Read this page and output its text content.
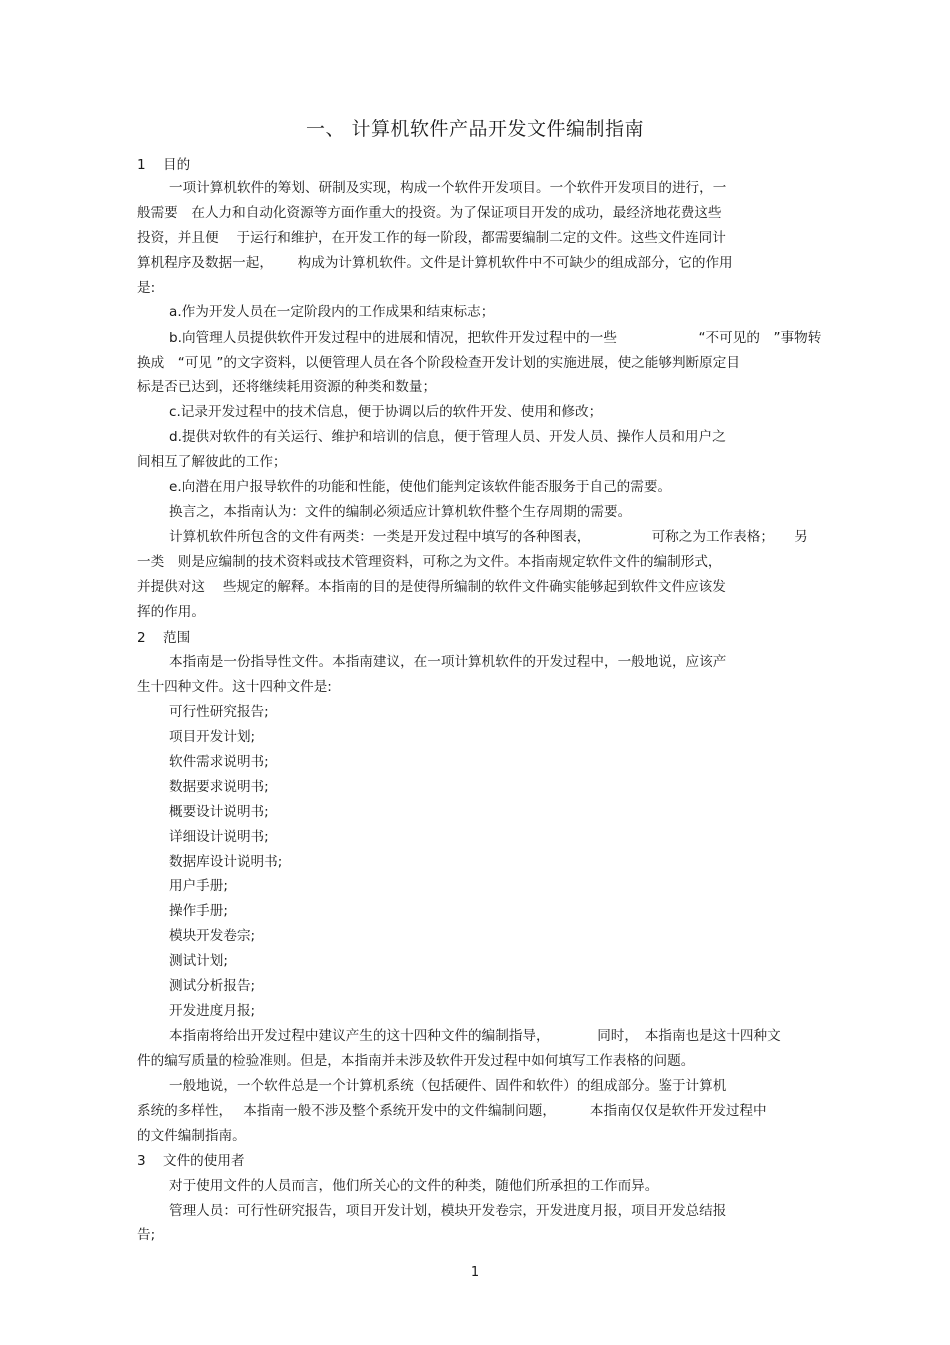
一、 计算机软件产品开发文件编制指南
1 目的
一项计算机软件的筹划、研制及实现，构成一个软件开发项目。一个软件开发项目的进行，一
般需要　在人力和自动化资源等方面作重大的投资。为了保证项目开发的成功，最经济地花费这些
投资，并且便　 于运行和维护，在开发工作的每一阶段，都需要编制二定的文件。这些文件连同计
算机程序及数据一起，　　 构成为计算机软件。文件是计算机软件中不可缺少的组成部分，它的作用
是:
a.作为开发人员在一定阶段内的工作成果和结束标志；
b.向管理人员提供软件开发过程中的进展和情况，把软件开发过程中的一些　　　　　　“不可见的　”事物转
换成　“可见 ”的文字资料，以便管理人员在各个阶段检查开发计划的实施进展，使之能够判断原定目
标是否已达到，还将继续耗用资源的种类和数量；
c.记录开发过程中的技术信息，便于协调以后的软件开发、使用和修改；
d.提供对软件的有关运行、维护和培训的信息，便于管理人员、开发人员、操作人员和用户之
间相互了解彼此的工作；
e.向潜在用户报导软件的功能和性能，使他们能判定该软件能否服务于自己的需要。
换言之，本指南认为：文件的编制必须适应计算机软件整个生存周期的需要。
计算机软件所包含的文件有两类：一类是开发过程中填写的各种图表，　　　　　可称之为工作表格；　　另
一类　则是应编制的技术资料或技术管理资料，可称之为文件。本指南规定软件文件的编制形式，
并提供对这　 些规定的解释。本指南的目的是使得所编制的软件文件确实能够起到软件文件应该发
挥的作用。
2 范围
本指南是一份指导性文件。本指南建议，在一项计算机软件的开发过程中，一般地说，应该产
生十四种文件。这十四种文件是:
可行性研究报告;
项目开发计划;
软件需求说明书;
数据要求说明书;
概要设计说明书;
详细设计说明书;
数据库设计说明书;
用户手册;
操作手册;
模块开发卷宗;
测试计划;
测试分析报告;
开发进度月报;
本指南将给出开发过程中建议产生的这十四种文件的编制指导，　　　　同时，　本指南也是这十四种文
件的编写质量的检验准则。但是，本指南并未涉及软件开发过程中如何填写工作表格的问题。
一般地说，一个软件总是一个计算机系统（包括硬件、固件和软件）的组成部分。鉴于计算机
系统的多样性，　 本指南一般不涉及整个系统开发中的文件编制问题，　　　本指南仅仅是软件开发过程中
的文件编制指南。
3 文件的使用者
对于使用文件的人员而言，他们所关心的文件的种类，随他们所承担的工作而异。
管理人员：可行性研究报告，项目开发计划，模块开发卷宗，开发进度月报，项目开发总结报
告;
1
